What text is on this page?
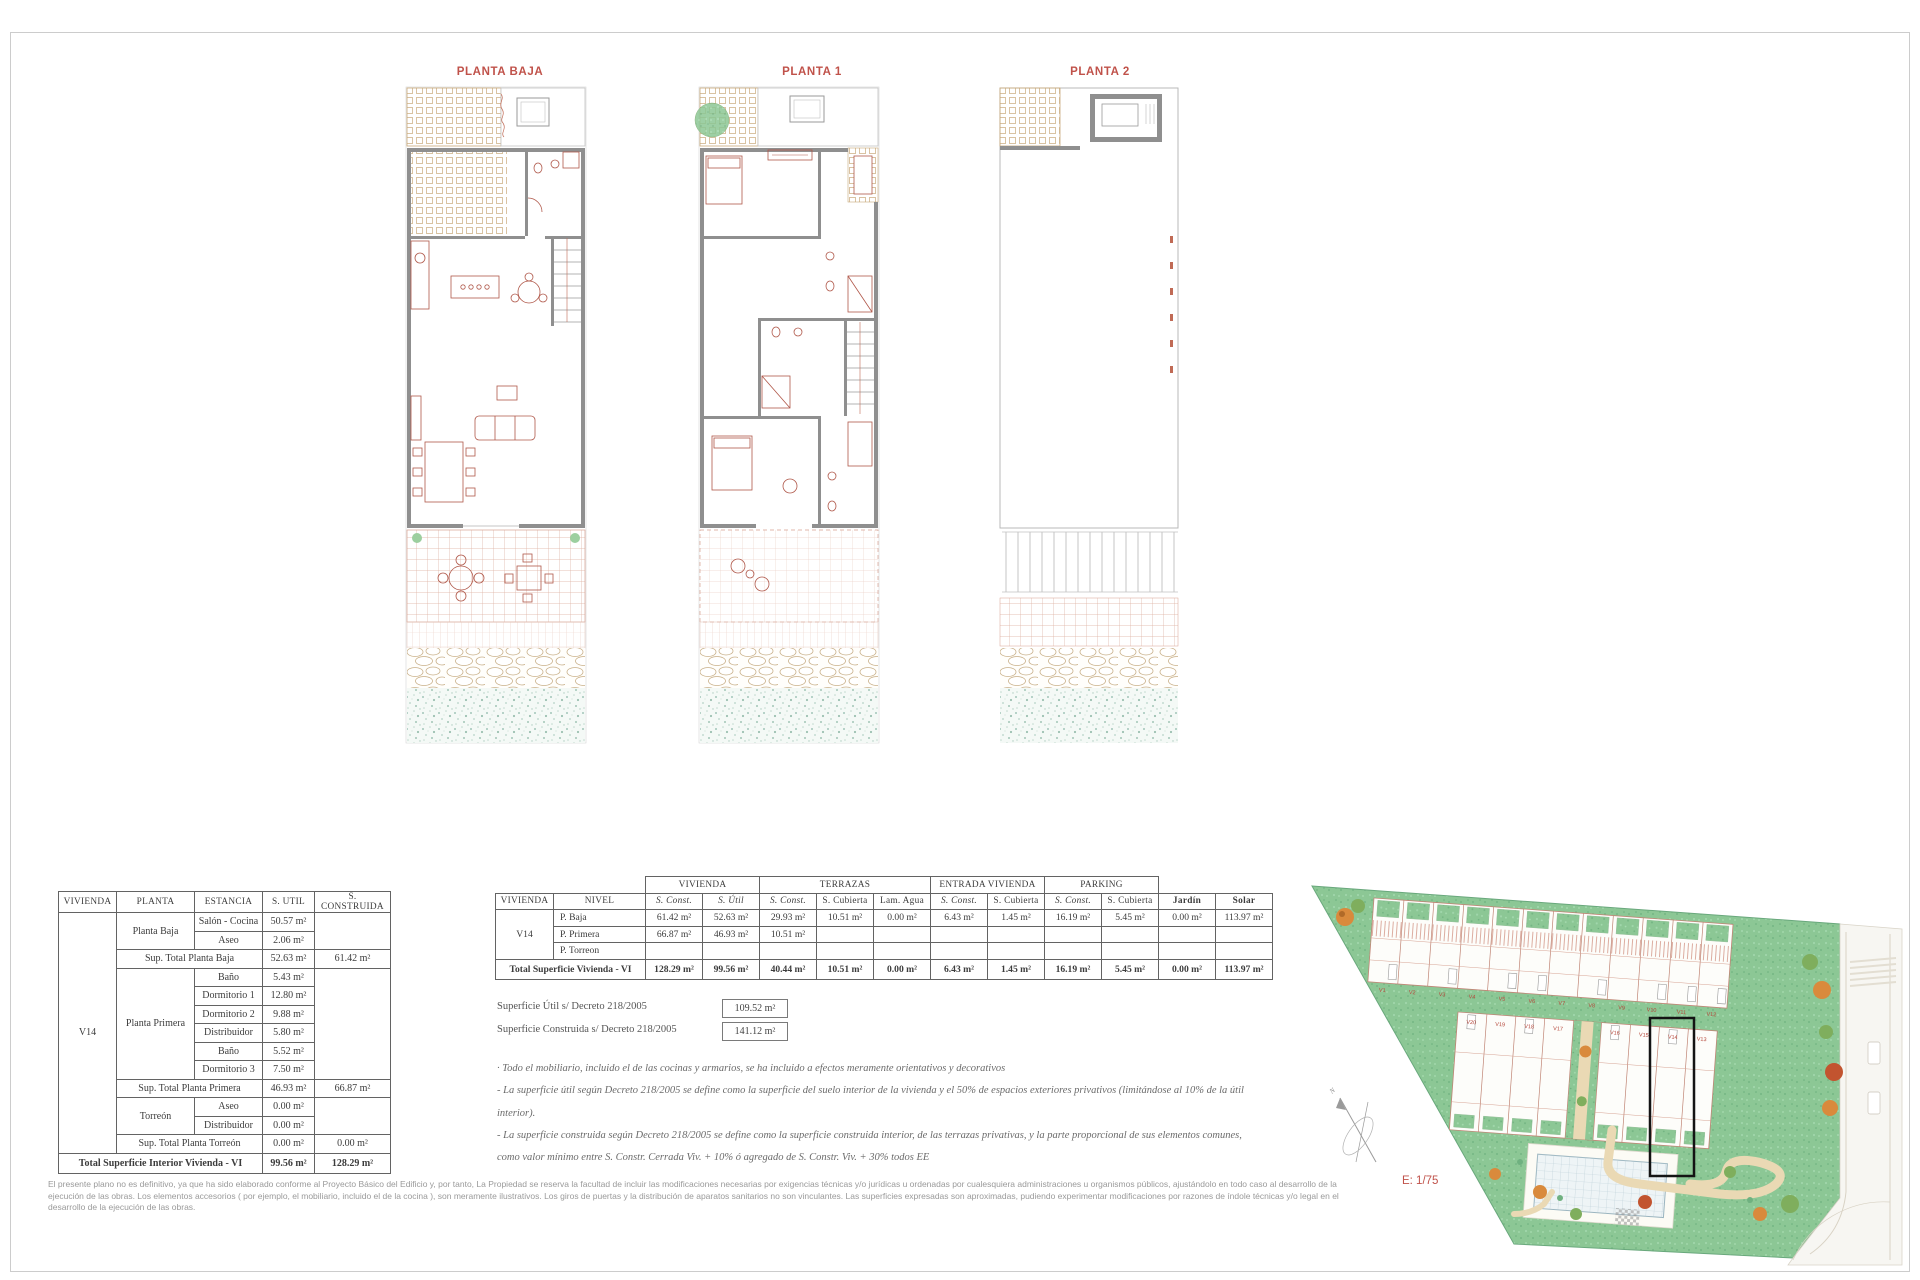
PLANTA BAJA	PLANTA 1	PLANTA 2
VIVIENDA	PLANTA	ESTANCIA	S. UTIL	S. CONSTRUIDA
V14	Planta Baja	Salón - Cocina	50.57 m²	
		Aseo	2.06 m²	
	Sup. Total Planta Baja		52.63 m²	61.42 m²
	Planta Primera	Baño	5.43 m²	
		Dormitorio 1	12.80 m²	
		Dormitorio 2	9.88 m²	
		Distribuidor	5.80 m²	
		Baño	5.52 m²	
		Dormitorio 3	7.50 m²	
	Sup. Total Planta Primera		46.93 m²	66.87 m²
	Torreón	Aseo	0.00 m²	
		Distribuidor	0.00 m²	
	Sup. Total Planta Torreón		0.00 m²	0.00 m²
Total Superficie Interior Vivienda - VI			99.56 m²	128.29 m²
		VIVIENDA		TERRAZAS			ENTRADA VIVIENDA		PARKING			
VIVIENDA	NIVEL	S. Const.	S. Útil	S. Const.	S. Cubierta	Lam. Agua	S. Const.	S. Cubierta	S. Const.	S. Cubierta	Jardín	Solar
V14	P. Baja	61.42 m²	52.63 m²	29.93 m²	10.51 m²	0.00 m²	6.43 m²	1.45 m²	16.19 m²	5.45 m²	0.00 m²	113.97 m²
	P. Primera	66.87 m²	46.93 m²	10.51 m²								
	P. Torreon											
Total Superficie Vivienda - VI		128.29 m²	99.56 m²	40.44 m²	10.51 m²	0.00 m²	6.43 m²	1.45 m²	16.19 m²	5.45 m²	0.00 m²	113.97 m²
Superficie Útil s/ Decreto 218/2005	109.52 m²
Superficie Construida s/ Decreto 218/2005	141.12 m²
· Todo el mobiliario, incluido el de las cocinas y armarios, se ha incluido a efectos meramente orientativos y decorativos
- La superficie útil según Decreto 218/2005 se define como la superficie del suelo interior de la vivienda y el 50% de espacios exteriores privativos (limitándose al 10% de la útil
interior).
- La superficie construida según Decreto 218/2005 se define como la superficie construida interior, de las terrazas privativas, y la parte proporcional de sus elementos comunes,
como valor mínimo entre S. Constr. Cerrada Viv. + 10% ó agregado de S. Constr. Viv. + 30% todos EE
El presente plano no es definitivo, ya que ha sido elaborado conforme al Proyecto Básico del Edificio y, por tanto, La Propiedad se reserva la facultad de incluir las modificaciones necesarias por exigencias técnicas y/o jurídicas u ordenadas por cualesquiera administraciones u organismos públicos, ajustándolo en todo caso al desarrollo de la
ejecución de las obras. Los elementos accesorios ( por ejemplo, el mobiliario, incluido el de la cocina ), son meramente ilustrativos. Los giros de puertas y la distribución de aparatos sanitarios no son vinculantes. Las superficies expresadas son aproximadas, pudiendo experimentar modificaciones por razones de índole técnicas y/o legal en el
desarrollo de la ejecución de las obras.
V1	V2	V3	V4	V5	V6	V7	V8	V9	V10	V11	V12
V20	V19	V18	V17
V16	V15	V14	V13
N
E: 1/75
